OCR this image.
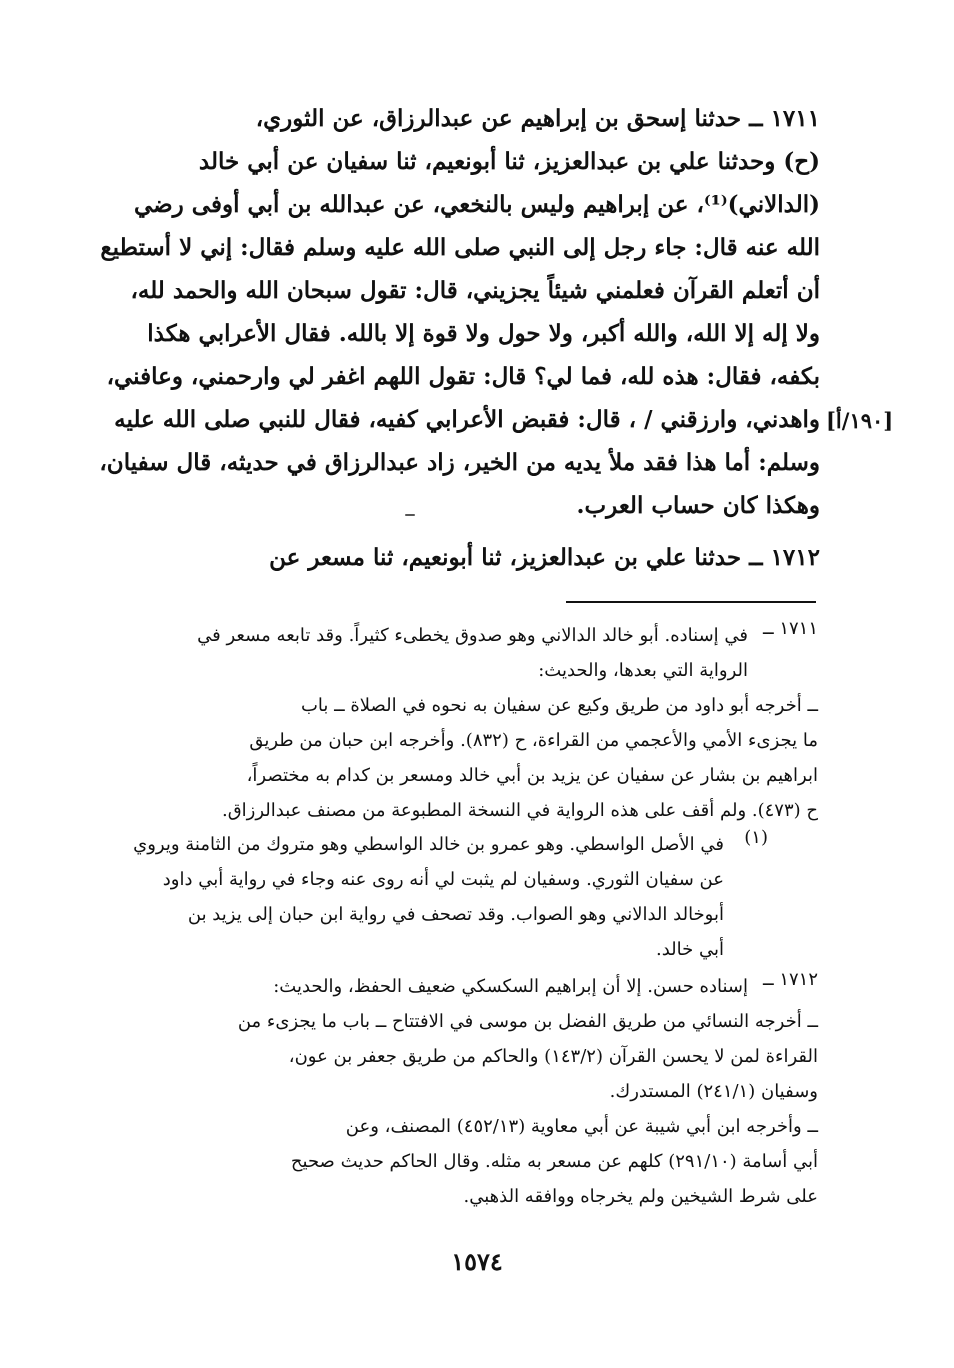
١٧١١ ــ حدثنا إسحق بن إبراهيم عن عبدالرزاق، عن الثوري،
(ح) وحدثنا علي بن عبدالعزيز، ثنا أبونعيم، ثنا سفيان عن أبي خالد
(الدالاني)⁽¹⁾، عن إبراهيم وليس بالنخعي، عن عبدالله بن أبي أوفى رضي
الله عنه قال: جاء رجل إلى النبي صلى الله عليه وسلم فقال: إني لا أستطيع
أن أتعلم القرآن فعلمني شيئاً يجزيني، قال: تقول سبحان الله والحمد لله،
ولا إله إلا الله، والله أكبر، ولا حول ولا قوة إلا بالله. فقال الأعرابي هكذا
بكفه، فقال: هذه لله، فما لي؟ قال: تقول اللهم اغفر لي وارحمني، وعافني،
واهدني، وارزقني / ، قال: فقبض الأعرابي كفيه، فقال للنبي صلى الله عليه
وسلم: أما هذا فقد ملأ يديه من الخير، زاد عبدالرزاق في حديثه، قال سفيان،
وهكذا كان حساب العرب.
[١٩٠/أ]
١٧١٢ ــ حدثنا علي بن عبدالعزيز، ثنا أبونعيم، ثنا مسعر عن
١٧١١ ــ
في إسناده. أبو خالد الدالاني وهو صدوق يخطىء كثيراً. وقد تابعه مسعر في
الرواية التي بعدها، والحديث:
ــ أخرجه أبو داود من طريق وكيع عن سفيان به نحوه في الصلاة ــ باب
ما يجزىء الأمي والأعجمي من القراءة، ح (٨٣٢). وأخرجه ابن حبان من طريق
ابراهيم بن بشار عن سفيان عن يزيد بن أبي خالد ومسعر بن كدام به مختصراً،
ح (٤٧٣). ولم أقف على هذه الرواية في النسخة المطبوعة من مصنف عبدالرزاق.
(١)
في الأصل الواسطي. وهو عمرو بن خالد الواسطي وهو متروك من الثامنة ويروي
عن سفيان الثوري. وسفيان لم يثبت لي أنه روى عنه وجاء في رواية أبي داود
أبوخالد الدالاني وهو الصواب. وقد تصحف في رواية ابن حبان إلى يزيد بن
أبي خالد.
١٧١٢ ــ
إسناده حسن. إلا أن إبراهيم السكسكي ضعيف الحفظ، والحديث:
ــ أخرجه النسائي من طريق الفضل بن موسى في الافتتاح ــ باب ما يجزىء من
القراءة لمن لا يحسن القرآن (١٤٣/٢) والحاكم من طريق جعفر بن عون،
وسفيان (٢٤١/١) المستدرك.
ــ وأخرجه ابن أبي شيبة عن أبي معاوية (٤٥٢/١٣) المصنف، وعن
أبي أسامة (٢٩١/١٠) كلهم عن مسعر به مثله. وقال الحاكم حديث صحيح
على شرط الشيخين ولم يخرجاه ووافقه الذهبي.
١٥٧٤
